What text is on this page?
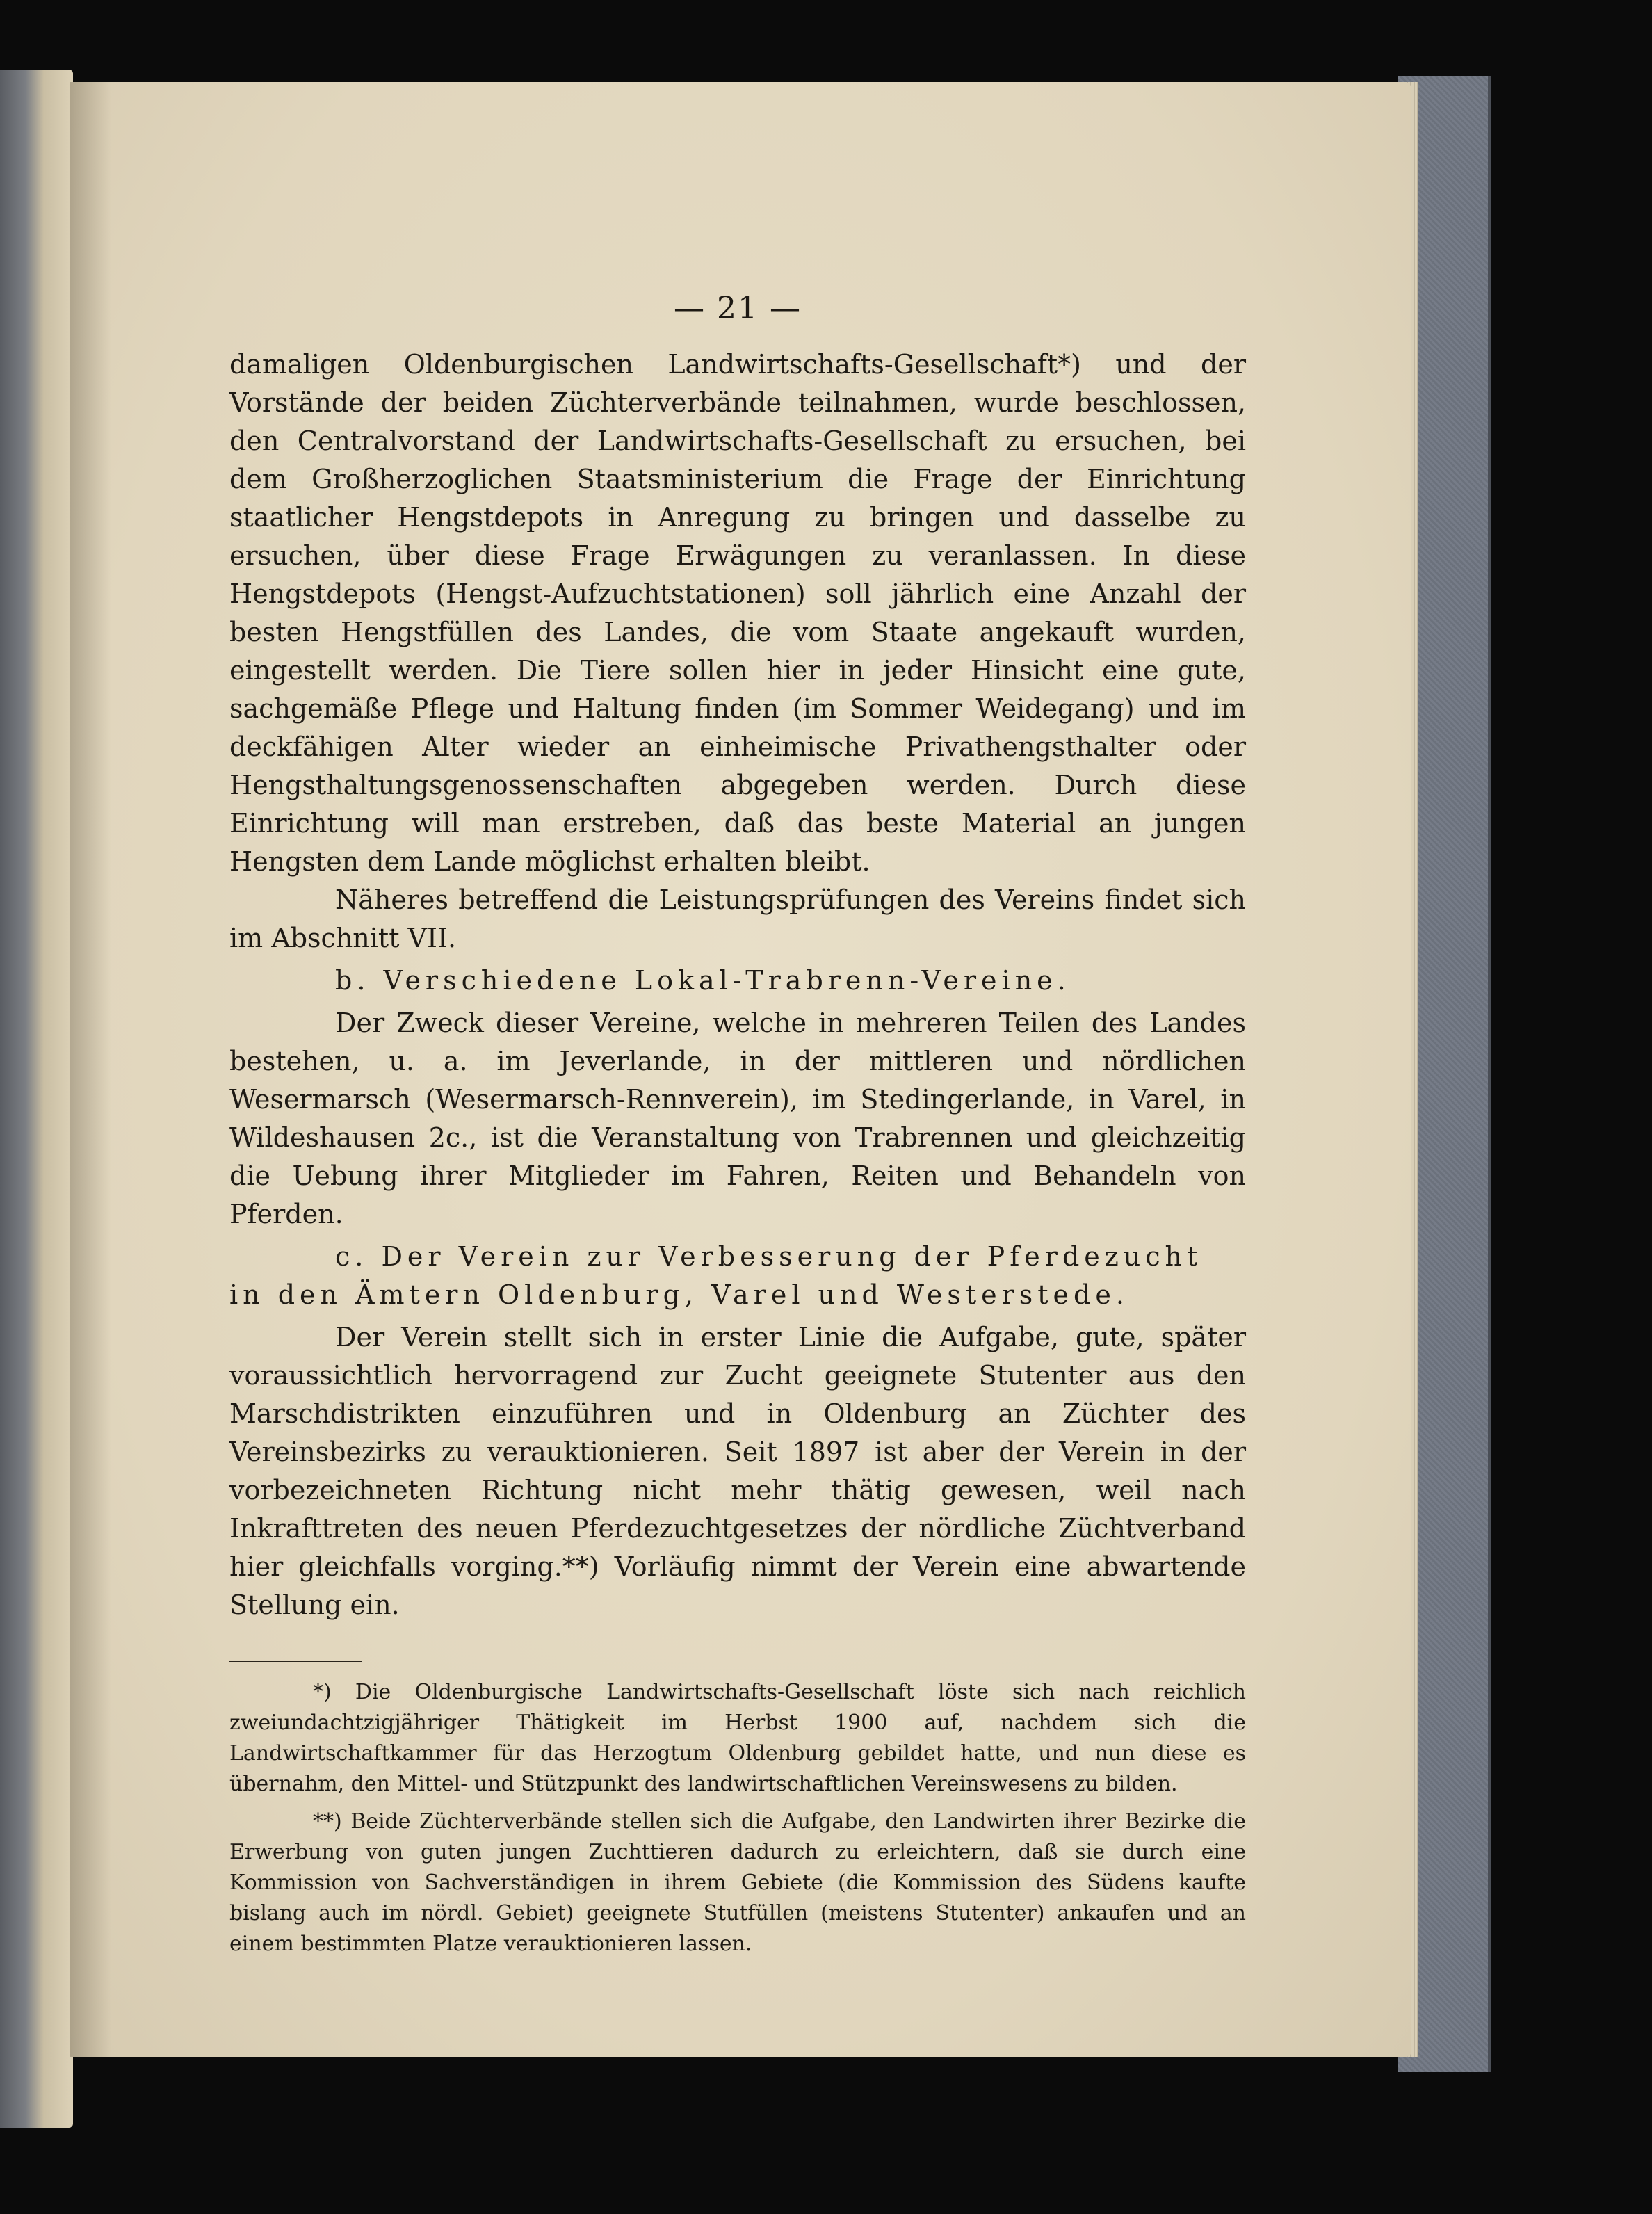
— 21 —

damaligen Oldenburgischen Landwirtschafts-Gesellschaft*) und der Vorstände der beiden Züchterverbände teilnahmen, wurde beschlossen, den Centralvorstand der Landwirtschafts-Gesellschaft zu ersuchen, bei dem Großherzoglichen Staatsministerium die Frage der Einrichtung staatlicher Hengstdepots in Anregung zu bringen und dasselbe zu ersuchen, über diese Frage Erwägungen zu veranlassen. In diese Hengstdepots (Hengst-Aufzuchtstationen) soll jährlich eine Anzahl der besten Hengstfüllen des Landes, die vom Staate angekauft wurden, eingestellt werden. Die Tiere sollen hier in jeder Hinsicht eine gute, sachgemäße Pflege und Haltung finden (im Sommer Weidegang) und im deckfähigen Alter wieder an einheimische Privathengsthalter oder Hengsthaltungsgenossenschaften abgegeben werden. Durch diese Einrichtung will man erstreben, daß das beste Material an jungen Hengsten dem Lande möglichst erhalten bleibt.

Näheres betreffend die Leistungsprüfungen des Vereins findet sich im Abschnitt VII.

b. Verschiedene Lokal-Trabrenn-Vereine.

Der Zweck dieser Vereine, welche in mehreren Teilen des Landes bestehen, u. a. im Jeverlande, in der mittleren und nördlichen Wesermarsch (Wesermarsch-Rennverein), im Stedingerlande, in Varel, in Wildeshausen 2c., ist die Veranstaltung von Trabrennen und gleichzeitig die Uebung ihrer Mitglieder im Fahren, Reiten und Behandeln von Pferden.

c. Der Verein zur Verbesserung der Pferdezucht in den Ämtern Oldenburg, Varel und Westerstede.

Der Verein stellt sich in erster Linie die Aufgabe, gute, später voraussichtlich hervorragend zur Zucht geeignete Stutenter aus den Marschdistrikten einzuführen und in Oldenburg an Züchter des Vereinsbezirks zu verauktionieren. Seit 1897 ist aber der Verein in der vorbezeichneten Richtung nicht mehr thätig gewesen, weil nach Inkrafttreten des neuen Pferdezuchtgesetzes der nördliche Züchtverband hier gleichfalls vorging.**) Vorläufig nimmt der Verein eine abwartende Stellung ein.

*) Die Oldenburgische Landwirtschafts-Gesellschaft löste sich nach reichlich zweiundachtzigjähriger Thätigkeit im Herbst 1900 auf, nachdem sich die Landwirtschaftkammer für das Herzogtum Oldenburg gebildet hatte, und nun diese es übernahm, den Mittel- und Stützpunkt des landwirtschaftlichen Vereinswesens zu bilden.

**) Beide Züchterverbände stellen sich die Aufgabe, den Landwirten ihrer Bezirke die Erwerbung von guten jungen Zuchttieren dadurch zu erleichtern, daß sie durch eine Kommission von Sachverständigen in ihrem Gebiete (die Kommission des Südens kaufte bislang auch im nördl. Gebiet) geeignete Stutfüllen (meistens Stutenter) ankaufen und an einem bestimmten Platze verauktionieren lassen.
